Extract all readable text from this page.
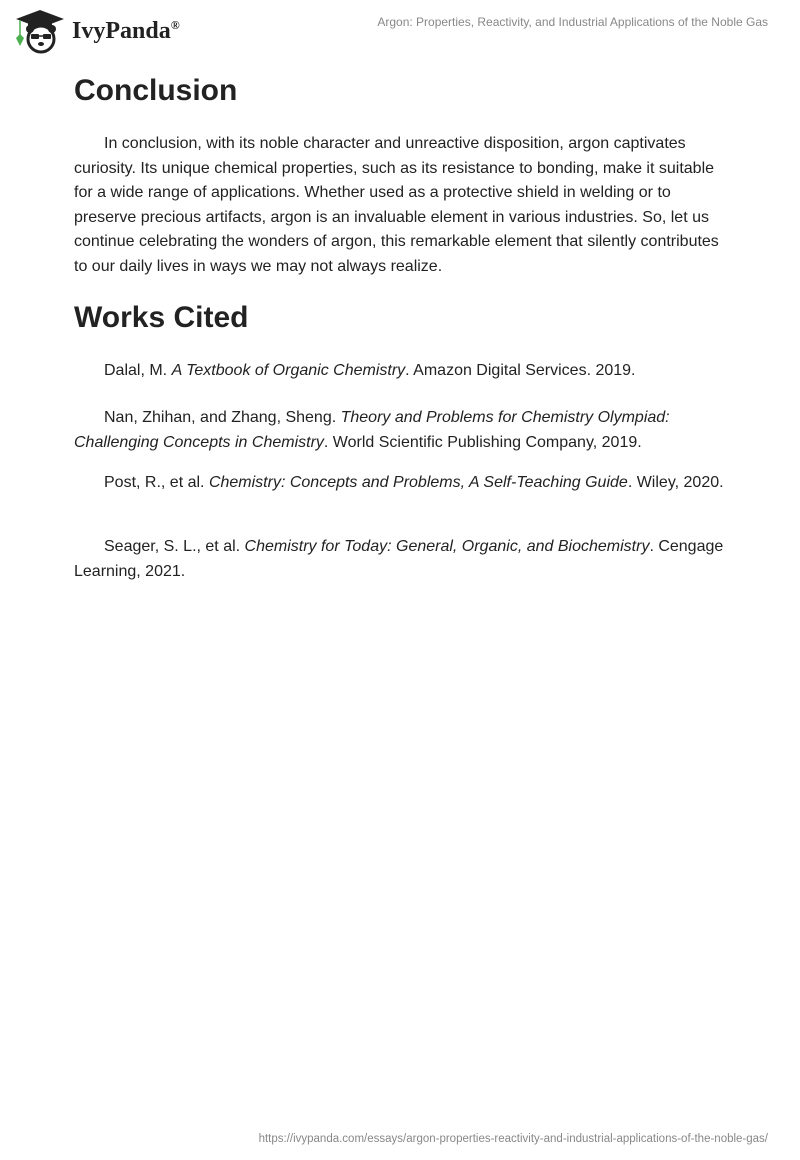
IvyPanda®	Argon: Properties, Reactivity, and Industrial Applications of the Noble Gas
Conclusion

In conclusion, with its noble character and unreactive disposition, argon captivates curiosity. Its unique chemical properties, such as its resistance to bonding, make it suitable for a wide range of applications. Whether used as a protective shield in welding or to preserve precious artifacts, argon is an invaluable element in various industries. So, let us continue celebrating the wonders of argon, this remarkable element that silently contributes to our daily lives in ways we may not always realize.

Works Cited

Dalal, M. A Textbook of Organic Chemistry. Amazon Digital Services. 2019.

Nan, Zhihan, and Zhang, Sheng. Theory and Problems for Chemistry Olympiad: Challenging Concepts in Chemistry. World Scientific Publishing Company, 2019.

Post, R., et al. Chemistry: Concepts and Problems, A Self-Teaching Guide. Wiley, 2020.

Seager, S. L., et al. Chemistry for Today: General, Organic, and Biochemistry. Cengage Learning, 2021.

https://ivypanda.com/essays/argon-properties-reactivity-and-industrial-applications-of-the-noble-gas/
